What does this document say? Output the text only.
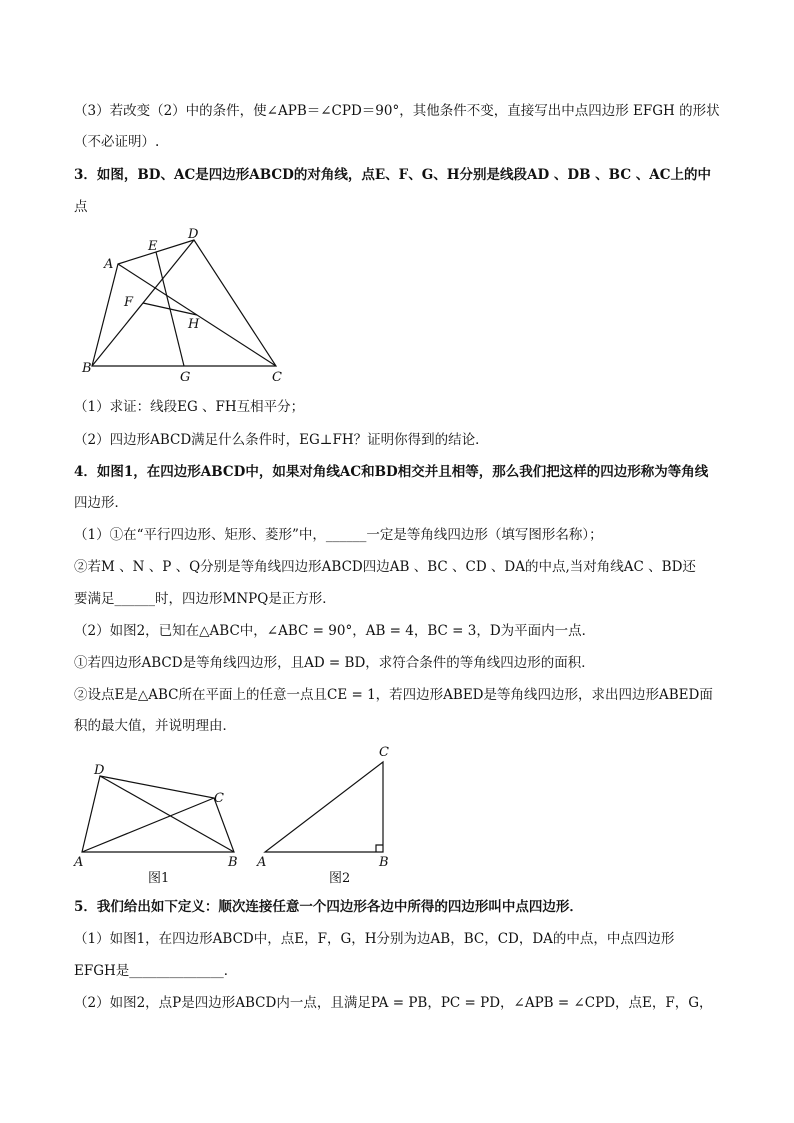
（3）若改变（2）中的条件，使∠APB＝∠CPD＝90°，其他条件不变，直接写出中点四边形 EFGH 的形状
（不必证明）.
3．如图，BD、AC是四边形ABCD的对角线，点E、F、G、H分别是线段AD 、DB 、BC 、AC上的中
点
A
D
E
F
H
B
G	C
（1）求证：线段EG 、FH互相平分；
（2）四边形ABCD满足什么条件时，EG⊥FH？证明你得到的结论．
4．如图1，在四边形ABCD中，如果对角线AC和BD相交并且相等，那么我们把这样的四边形称为等角线
四边形．
（1）①在“平行四边形、矩形、菱形”中，______一定是等角线四边形（填写图形名称）；
②若M 、N 、P 、Q分别是等角线四边形ABCD四边AB 、BC 、CD 、DA的中点,当对角线AC 、BD还
要满足______时，四边形MNPQ是正方形．
（2）如图2，已知在△ABC中，∠ABC = 90°，AB = 4，BC = 3，D为平面内一点．
①若四边形ABCD是等角线四边形，且AD = BD，求符合条件的等角线四边形的面积．
②设点E是△ABC所在平面上的任意一点且CE = 1，若四边形ABED是等角线四边形，求出四边形ABED面
积的最大值，并说明理由．
D
C
A	B
图1
C
A	B
图2
5．我们给出如下定义：顺次连接任意一个四边形各边中所得的四边形叫中点四边形．
（1）如图1，在四边形ABCD中，点E，F，G，H分别为边AB，BC，CD，DA的中点，中点四边形
EFGH是______________．
（2）如图2，点P是四边形ABCD内一点，且满足PA = PB，PC = PD，∠APB = ∠CPD，点E，F，G，
